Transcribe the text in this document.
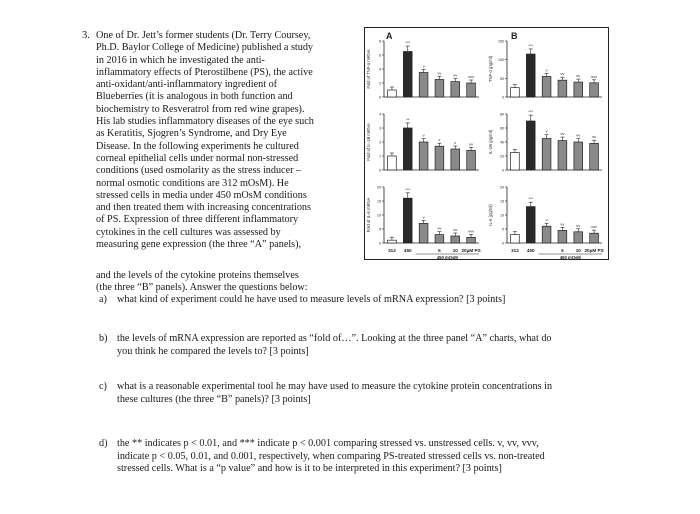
3. One of Dr. Jett’s former students (Dr. Terry Coursey,
Ph.D. Baylor College of Medicine) published a study
in 2016 in which he investigated the anti-
inflammatory effects of Pterostilbene (PS), the active
anti-oxidant/anti-inflammatory ingredient of
Blueberries (it is analogous in both function and
biochemistry to Resveratrol from red wine grapes).
His lab studies inflammatory diseases of the eye such
as Keratitis, Sjogren’s Syndrome, and Dry Eye
Disease. In the following experiments he cultured
corneal epithelial cells under normal non-stressed
conditions (used osmolarity as the stress inducer –
normal osmotic conditions are 312 mOsM). He
stressed cells in media under 450 mOsM conditions
and then treated them with increasing concentrations
of PS. Expression of three different inflammatory
cytokines in the cell cultures was assessed by
measuring gene expression (the three “A” panels),

and the levels of the cytokine proteins themselves
(the three “B” panels). Answer the questions below:

A	B
8
6
4
2
0
Fold of TNF-α mRNA
***
v
vv	vv	vvv
150
100
50
0
TNF-α (pg/ml)
***
v
vv	vv	vvv
4
3
2
1
0
Fold of IL-1B mRNA
**
v
v
v	vv
80
60
40
20
0
IL-1B (pg/ml)
***
v	vv	vv	vv
20
15
10
5
0
Fold of IL-6 mRNA
***
v
vv	vv	vvv
20
15
10
5
0
IL-6 (pg/ml)
***
v
vv	vv	vvv
312 450	5	10 20μM PS
450 mOsM
312 450	5	10 20μM PS
450 mOsM
a) what kind of experiment could he have used to measure levels of mRNA expression? [3 points]
b) the levels of mRNA expression are reported as “fold of…”. Looking at the three panel “A” charts, what do
you think he compared the levels to? [3 points]
c) what is a reasonable experimental tool he may have used to measure the cytokine protein concentrations in
these cultures (the three “B” panels)? [3 points]
d) the ** indicates p < 0.01, and *** indicate p < 0.001 comparing stressed vs. unstressed cells. v, vv, vvv,
indicate p < 0.05, 0.01, and 0.001, respectively, when comparing PS-treated stressed cells vs. non-treated
stressed cells. What is a “p value” and how is it to be interpreted in this experiment? [3 points]
